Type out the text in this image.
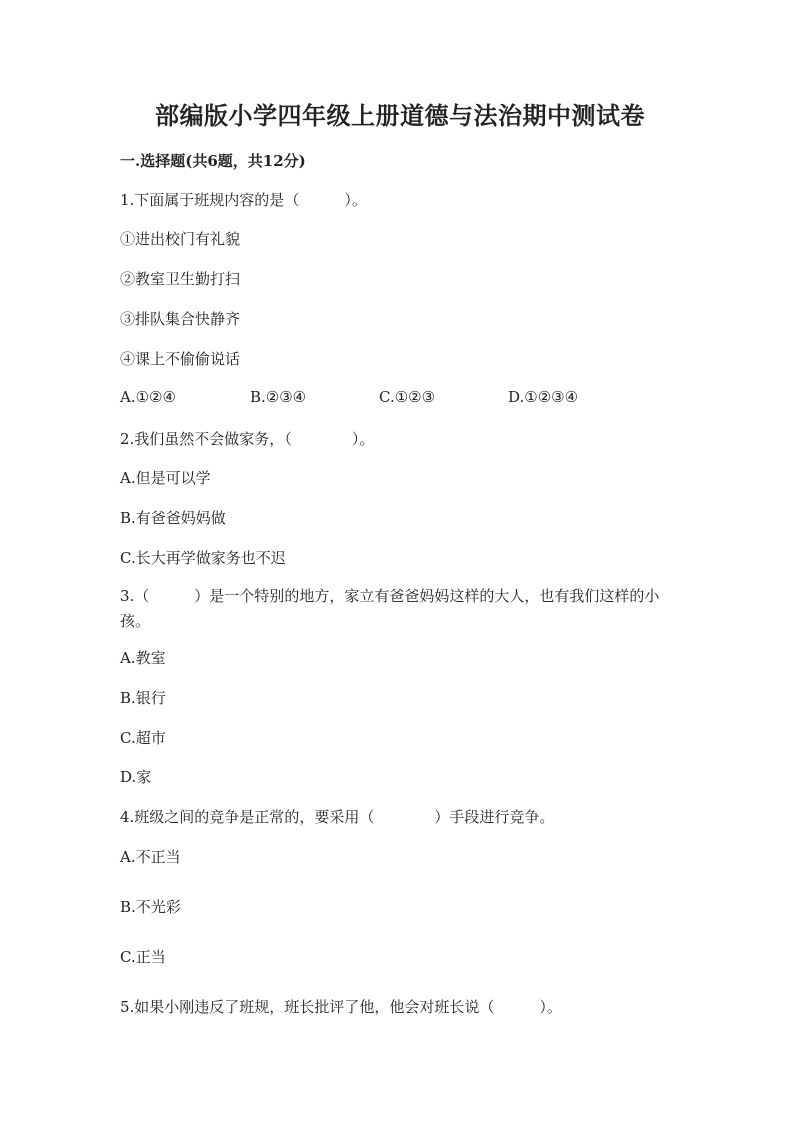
部编版小学四年级上册道德与法治期中测试卷
一.选择题(共6题，共12分)
1.下面属于班规内容的是（　　　）。
①进出校门有礼貌
②教室卫生勤打扫
③排队集合快静齐
④课上不偷偷说话
A.①②④	B.②③④	C.①②③	D.①②③④
2.我们虽然不会做家务，（　　　　）。
A.但是可以学
B.有爸爸妈妈做
C.长大再学做家务也不迟
3.（　　　）是一个特别的地方，家立有爸爸妈妈这样的大人，也有我们这样的小孩。
A.教室
B.银行
C.超市
D.家
4.班级之间的竞争是正常的，要采用（　　　　）手段进行竞争。
A.不正当
B.不光彩
C.正当
5.如果小刚违反了班规，班长批评了他，他会对班长说（　　　）。
